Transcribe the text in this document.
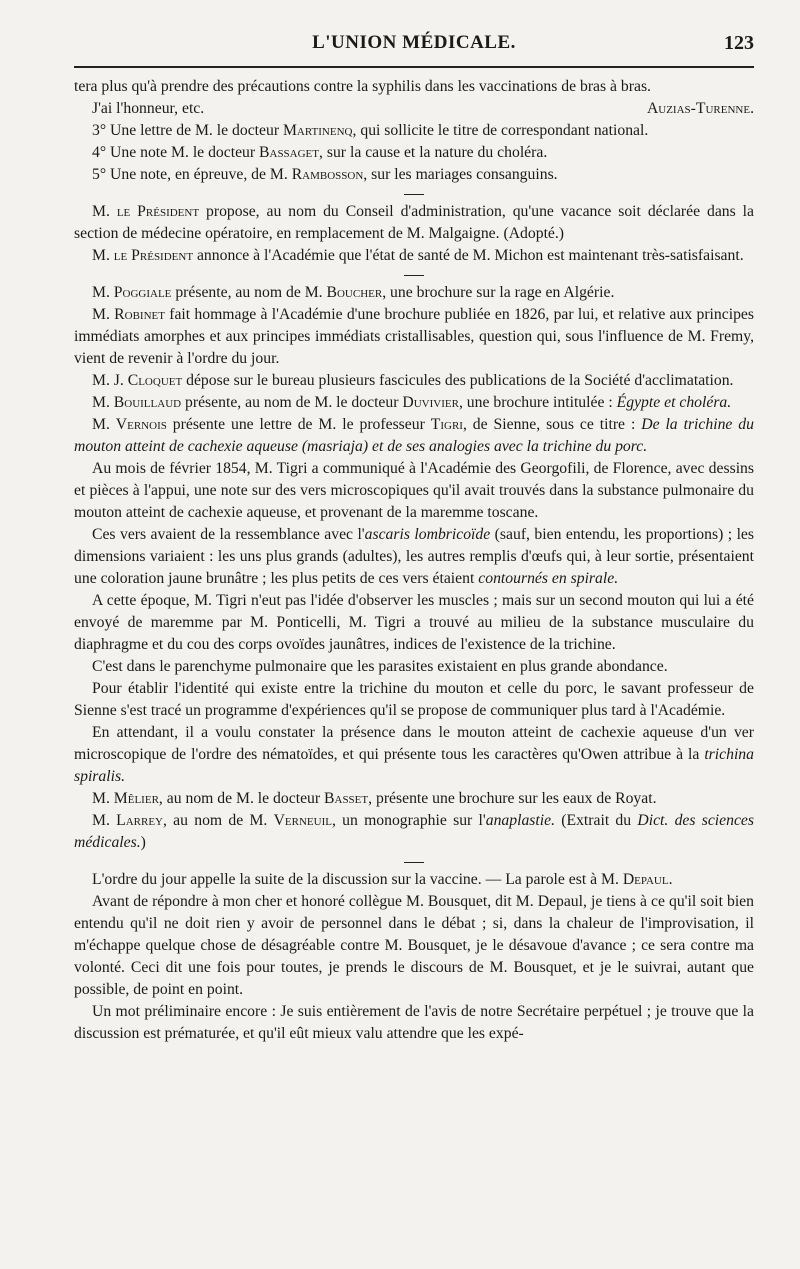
L'UNION MÉDICALE.	123

tera plus qu'à prendre des précautions contre la syphilis dans les vaccinations de bras à bras.

J'ai l'honneur, etc.	Auzias-Turenne.

3° Une lettre de M. le docteur Martinenq, qui sollicite le titre de correspondant national.

4° Une note M. le docteur Bassaget, sur la cause et la nature du choléra.

5° Une note, en épreuve, de M. Rambosson, sur les mariages consanguins.

M. le Président propose, au nom du Conseil d'administration, qu'une vacance soit déclarée dans la section de médecine opératoire, en remplacement de M. Malgaigne. (Adopté.)

M. le Président annonce à l'Académie que l'état de santé de M. Michon est maintenant très-satisfaisant.

M. Poggiale présente, au nom de M. Boucher, une brochure sur la rage en Algérie.

M. Robinet fait hommage à l'Académie d'une brochure publiée en 1826, par lui, et relative aux principes immédiats amorphes et aux principes immédiats cristallisables, question qui, sous l'influence de M. Fremy, vient de revenir à l'ordre du jour.

M. J. Cloquet dépose sur le bureau plusieurs fascicules des publications de la Société d'acclimatation.

M. Bouillaud présente, au nom de M. le docteur Duvivier, une brochure intitulée : Égypte et choléra.

M. Vernois présente une lettre de M. le professeur Tigri, de Sienne, sous ce titre : De la trichine du mouton atteint de cachexie aqueuse (masriaja) et de ses analogies avec la trichine du porc.

Au mois de février 1854, M. Tigri a communiqué à l'Académie des Georgofili, de Florence, avec dessins et pièces à l'appui, une note sur des vers microscopiques qu'il avait trouvés dans la substance pulmonaire du mouton atteint de cachexie aqueuse, et provenant de la maremme toscane.

Ces vers avaient de la ressemblance avec l'ascaris lombricoïde (sauf, bien entendu, les proportions) ; les dimensions variaient : les uns plus grands (adultes), les autres remplis d'œufs qui, à leur sortie, présentaient une coloration jaune brunâtre ; les plus petits de ces vers étaient contournés en spirale.

A cette époque, M. Tigri n'eut pas l'idée d'observer les muscles ; mais sur un second mouton qui lui a été envoyé de maremme par M. Ponticelli, M. Tigri a trouvé au milieu de la substance musculaire du diaphragme et du cou des corps ovoïdes jaunâtres, indices de l'existence de la trichine.

C'est dans le parenchyme pulmonaire que les parasites existaient en plus grande abondance.

Pour établir l'identité qui existe entre la trichine du mouton et celle du porc, le savant professeur de Sienne s'est tracé un programme d'expériences qu'il se propose de communiquer plus tard à l'Académie.

En attendant, il a voulu constater la présence dans le mouton atteint de cachexie aqueuse d'un ver microscopique de l'ordre des nématoïdes, et qui présente tous les caractères qu'Owen attribue à la trichina spiralis.

M. Mêlier, au nom de M. le docteur Basset, présente une brochure sur les eaux de Royat.

M. Larrey, au nom de M. Verneuil, un monographie sur l'anaplastie. (Extrait du Dict. des sciences médicales.)

L'ordre du jour appelle la suite de la discussion sur la vaccine. — La parole est à M. Depaul.

Avant de répondre à mon cher et honoré collègue M. Bousquet, dit M. Depaul, je tiens à ce qu'il soit bien entendu qu'il ne doit rien y avoir de personnel dans le débat ; si, dans la chaleur de l'improvisation, il m'échappe quelque chose de désagréable contre M. Bousquet, je le désavoue d'avance ; ce sera contre ma volonté. Ceci dit une fois pour toutes, je prends le discours de M. Bousquet, et je le suivrai, autant que possible, de point en point.

Un mot préliminaire encore : Je suis entièrement de l'avis de notre Secrétaire perpétuel ; je trouve que la discussion est prématurée, et qu'il eût mieux valu attendre que les expé-
